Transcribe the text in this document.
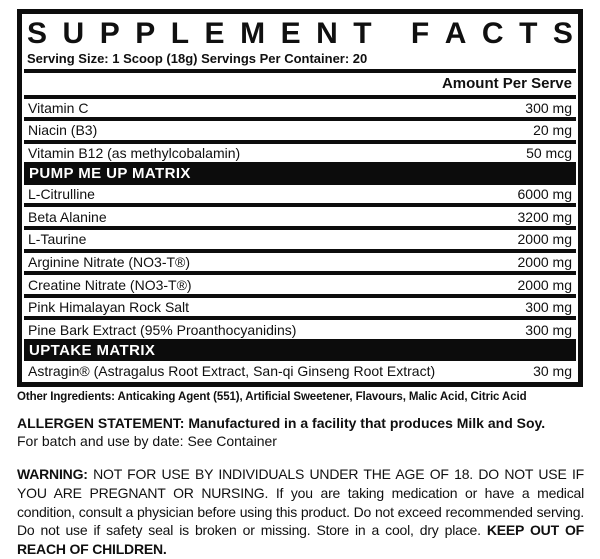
S U P P L E M E N T
F A C T S
Serving Size: 1 Scoop (18g) Servings Per Container: 20
Amount Per Serve
Vitamin C	300 mg
Niacin (B3)	20 mg
Vitamin B12 (as methylcobalamin)	50 mcg
PUMP ME UP MATRIX
L-Citrulline	6000 mg
Beta Alanine	3200 mg
L-Taurine	2000 mg
Arginine Nitrate (NO3-T®)	2000 mg
Creatine Nitrate (NO3-T®)	2000 mg
Pink Himalayan Rock Salt	300 mg
Pine Bark Extract (95% Proanthocyanidins)	300 mg
UPTAKE MATRIX
Astragin® (Astragalus Root Extract, San-qi Ginseng Root Extract)	30 mg
Other Ingredients: Anticaking Agent (551), Artificial Sweetener, Flavours, Malic Acid, Citric Acid
ALLERGEN STATEMENT: Manufactured in a facility that produces Milk and Soy.
For batch and use by date: See Container
WARNING: NOT FOR USE BY INDIVIDUALS UNDER THE AGE OF 18. DO NOT USE IF YOU ARE PREGNANT OR NURSING. If you are taking medication or have a medical condition, consult a physician before using this product. Do not exceed recommended serving. Do not use if safety seal is broken or missing. Store in a cool, dry place. KEEP OUT OF REACH OF CHILDREN.
